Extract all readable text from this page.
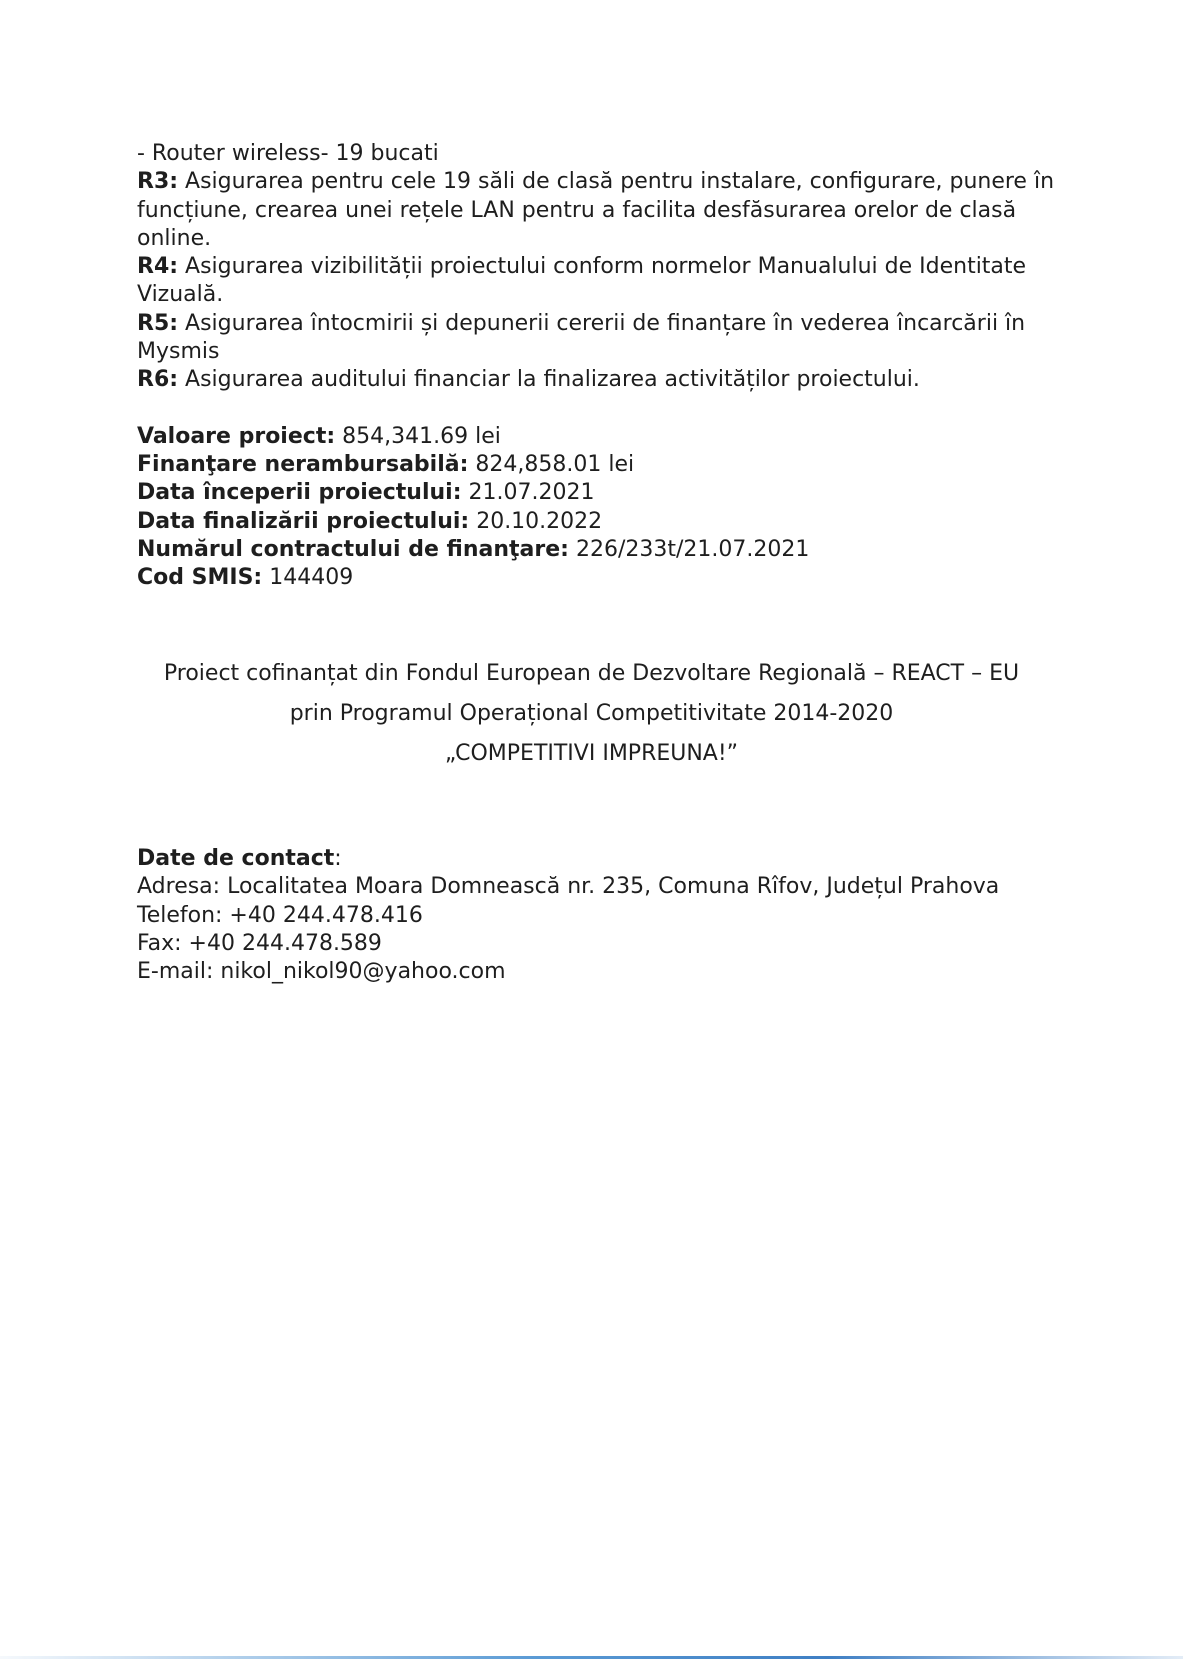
- Router wireless- 19 bucati
R3: Asigurarea pentru cele 19 săli de clasă pentru instalare, configurare, punere în funcțiune, crearea unei rețele LAN pentru a facilita desfăsurarea orelor de clasă online.
R4: Asigurarea vizibilității proiectului conform normelor Manualului de Identitate Vizuală.
R5: Asigurarea întocmirii și depunerii cererii de finanțare în vederea încarcării în Mysmis
R6: Asigurarea auditului financiar la finalizarea activităților proiectului.
Valoare proiect: 854,341.69 lei
Finanţare nerambursabilă: 824,858.01 lei
Data începerii proiectului: 21.07.2021
Data finalizării proiectului: 20.10.2022
Numărul contractului de finanţare: 226/233t/21.07.2021
Cod SMIS: 144409
Proiect cofinanțat din Fondul European de Dezvoltare Regională – REACT – EU
prin Programul Operațional Competitivitate 2014-2020
„COMPETITIVI IMPREUNA!”
Date de contact:
Adresa: Localitatea Moara Domnească nr. 235, Comuna Rîfov, Județul Prahova
Telefon: +40 244.478.416
Fax: +40 244.478.589
E-mail: nikol_nikol90@yahoo.com
